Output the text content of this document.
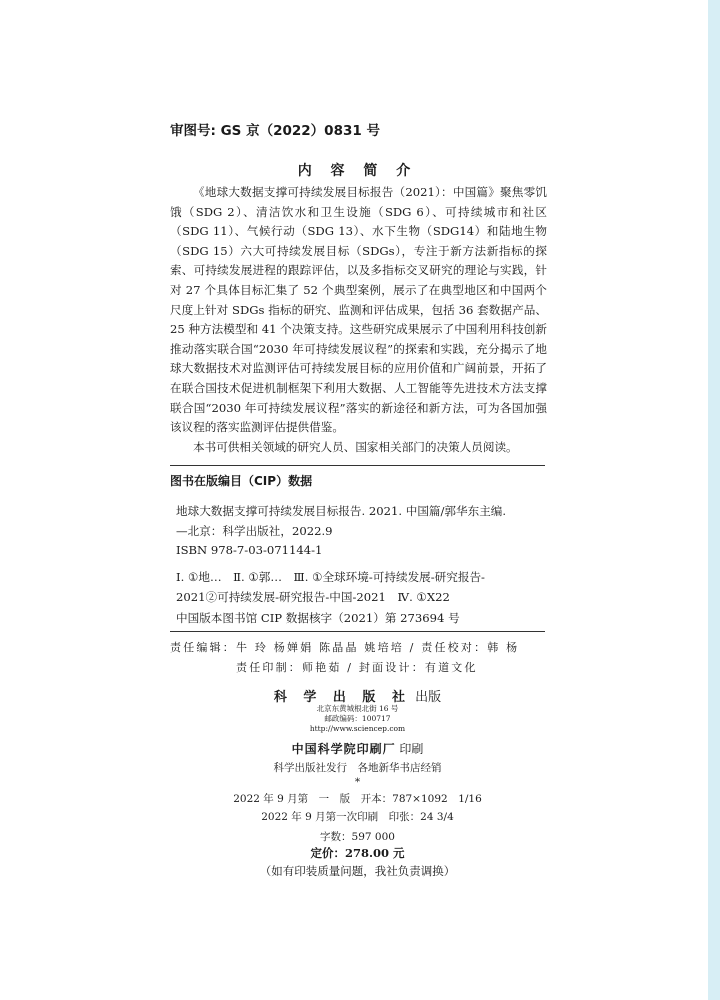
审图号: GS 京（2022）0831 号
内 容 简 介

《地球大数据支撑可持续发展目标报告（2021）：中国篇》聚焦零饥饿（SDG 2）、清洁饮水和卫生设施（SDG 6）、可持续城市和社区（SDG 11）、气候行动（SDG 13）、水下生物（SDG14）和陆地生物（SDG 15）六大可持续发展目标（SDGs），专注于新方法新指标的探索、可持续发展进程的跟踪评估，以及多指标交叉研究的理论与实践，针对 27 个具体目标汇集了 52 个典型案例，展示了在典型地区和中国两个尺度上针对 SDGs 指标的研究、监测和评估成果，包括 36 套数据产品、25 种方法模型和 41 个决策支持。这些研究成果展示了中国利用科技创新推动落实联合国“2030 年可持续发展议程”的探索和实践，充分揭示了地球大数据技术对监测评估可持续发展目标的应用价值和广阔前景，开拓了在联合国技术促进机制框架下利用大数据、人工智能等先进技术方法支撑联合国“2030 年可持续发展议程”落实的新途径和新方法，可为各国加强该议程的落实监测评估提供借鉴。

本书可供相关领域的研究人员、国家相关部门的决策人员阅读。

图书在版编目（CIP）数据
地球大数据支撑可持续发展目标报告. 2021. 中国篇/郭华东主编.
—北京：科学出版社，2022.9
ISBN 978-7-03-071144-1
Ⅰ. ①地…　Ⅱ. ①郭…　Ⅲ. ①全球环境-可持续发展-研究报告-
2021②可持续发展-研究报告-中国-2021　Ⅳ. ①X22
中国版本图书馆 CIP 数据核字（2021）第 273694 号
责任编辑：牛 玲 杨婵娟 陈晶晶 姚培培 / 责任校对：韩 杨
责任印制：师艳茹 / 封面设计：有道文化
科 学 出 版 社 出版
北京东黄城根北街 16 号
邮政编码：100717
http://www.sciencep.com
中国科学院印刷厂 印刷
科学出版社发行　各地新华书店经销
*
2022 年 9 月第　一　版　开本：787×1092　1/16
2022 年 9 月第一次印刷　印张：24 3/4
字数：597 000
定价：278.00 元
（如有印装质量问题，我社负责调换）
